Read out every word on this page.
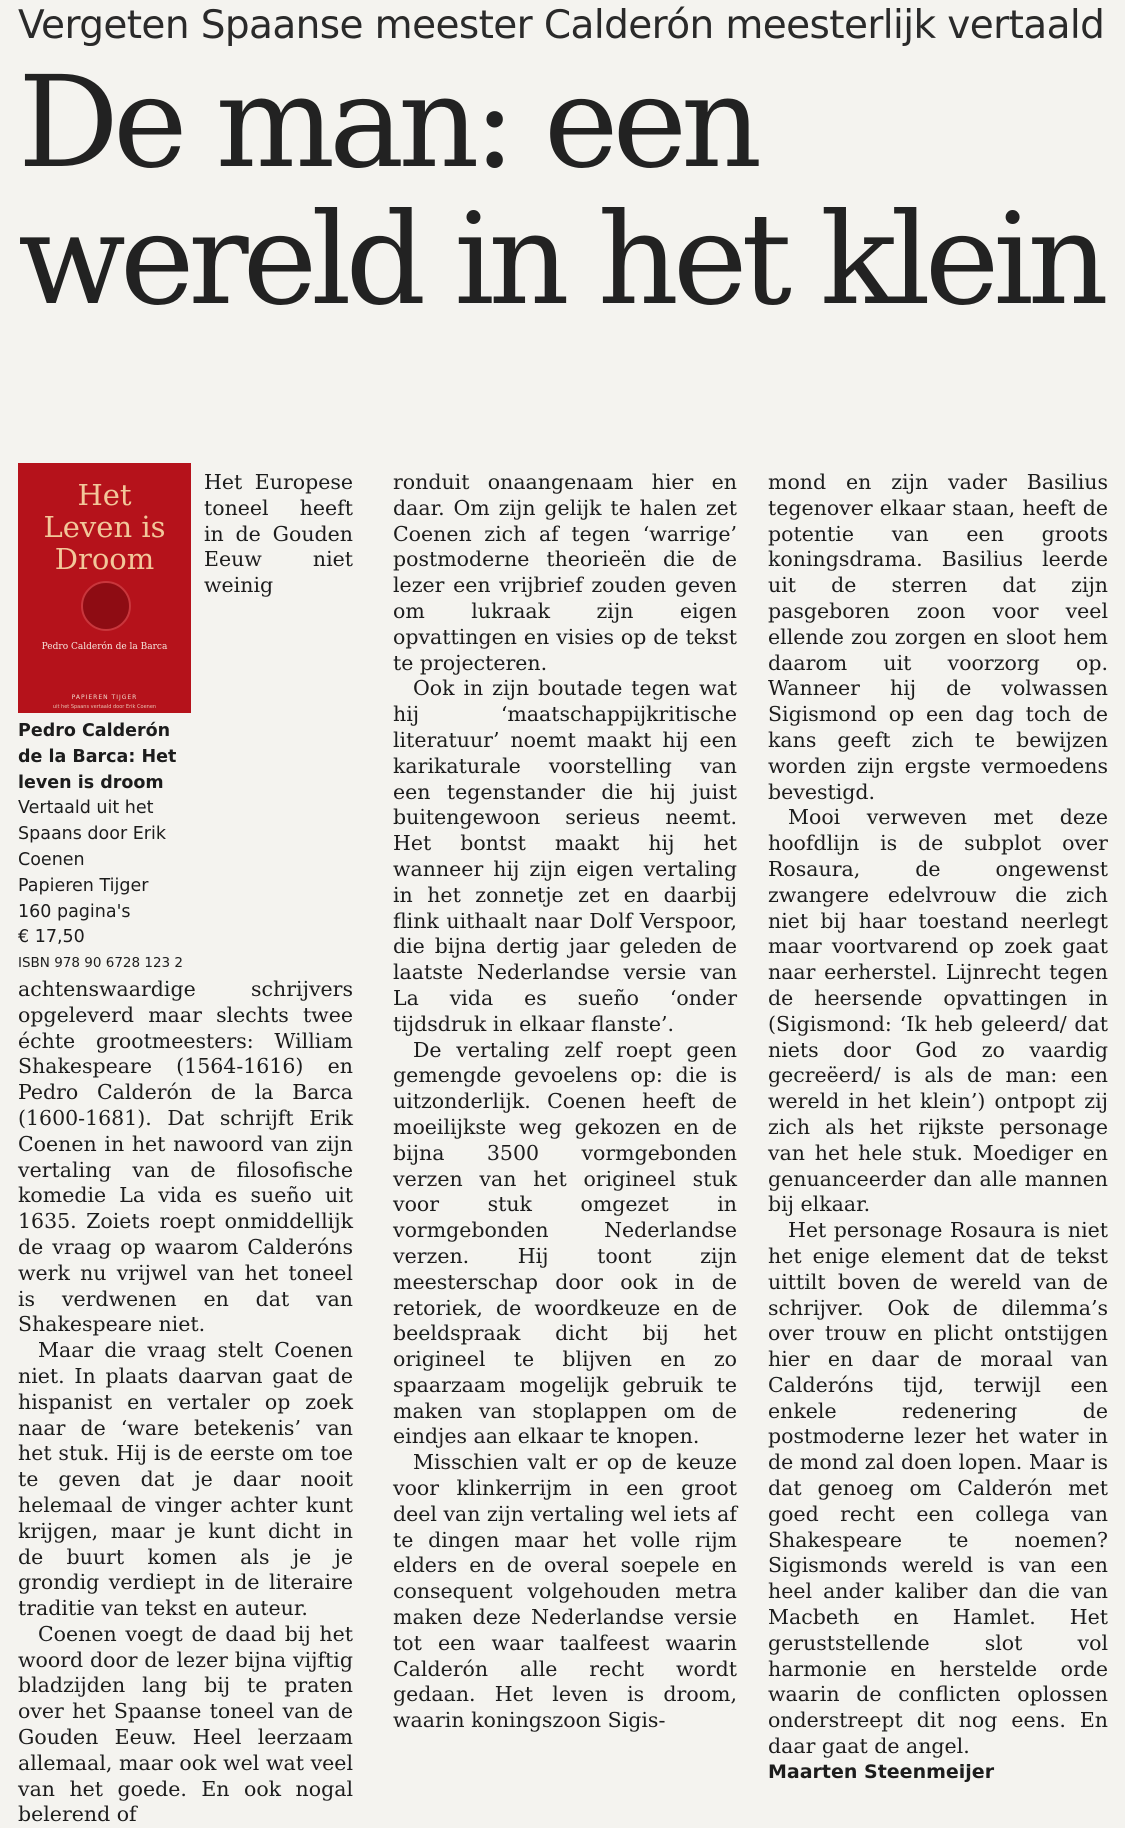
Vergeten Spaanse meester Calderón meesterlijk vertaald
De man: een
wereld in het klein
Het
Leven is
Droom
Pedro Calderón de la Barca
PAPIEREN TIJGER
uit het Spaans vertaald door Erik Coenen
Pedro Calderón
de la Barca: Het
leven is droom
Vertaald uit het
Spaans door Erik
Coenen
Papieren Tijger
160 pagina's
€ 17,50
ISBN 978 90 6728 123 2

Het Europese toneel heeft in de Gouden Eeuw niet weinig achtenswaardige schrijvers opgeleverd maar slechts twee échte grootmeesters: William Shakespeare (1564-1616) en Pedro Calderón de la Barca (1600-1681). Dat schrijft Erik Coenen in het nawoord van zijn vertaling van de filosofische komedie La vida es sueño uit 1635. Zoiets roept onmiddellijk de vraag op waarom Calderóns werk nu vrijwel van het toneel is verdwenen en dat van Shakespeare niet.

Maar die vraag stelt Coenen niet. In plaats daarvan gaat de hispanist en vertaler op zoek naar de ‘ware betekenis’ van het stuk. Hij is de eerste om toe te geven dat je daar nooit helemaal de vinger achter kunt krijgen, maar je kunt dicht in de buurt komen als je je grondig verdiept in de literaire traditie van tekst en auteur.

Coenen voegt de daad bij het woord door de lezer bijna vijftig bladzijden lang bij te praten over het Spaanse toneel van de Gouden Eeuw. Heel leerzaam allemaal, maar ook wel wat veel van het goede. En ook nogal belerend of

ronduit onaangenaam hier en daar. Om zijn gelijk te halen zet Coenen zich af tegen ‘warrige’ postmoderne theorieën die de lezer een vrijbrief zouden geven om lukraak zijn eigen opvattingen en visies op de tekst te projecteren.

Ook in zijn boutade tegen wat hij ‘maatschappijkritische literatuur’ noemt maakt hij een karikaturale voorstelling van een tegenstander die hij juist buitengewoon serieus neemt. Het bontst maakt hij het wanneer hij zijn eigen vertaling in het zonnetje zet en daarbij flink uithaalt naar Dolf Verspoor, die bijna dertig jaar geleden de laatste Nederlandse versie van La vida es sueño ‘onder tijdsdruk in elkaar flanste’.

De vertaling zelf roept geen gemengde gevoelens op: die is uitzonderlijk. Coenen heeft de moeilijkste weg gekozen en de bijna 3500 vormgebonden verzen van het origineel stuk voor stuk omgezet in vormgebonden Nederlandse verzen. Hij toont zijn meesterschap door ook in de retoriek, de woordkeuze en de beeldspraak dicht bij het origineel te blijven en zo spaarzaam mogelijk gebruik te maken van stoplappen om de eindjes aan elkaar te knopen.

Misschien valt er op de keuze voor klinkerrijm in een groot deel van zijn vertaling wel iets af te dingen maar het volle rijm elders en de overal soepele en consequent volgehouden metra maken deze Nederlandse versie tot een waar taalfeest waarin Calderón alle recht wordt gedaan. Het leven is droom, waarin koningszoon Sigis-

mond en zijn vader Basilius tegenover elkaar staan, heeft de potentie van een groots koningsdrama. Basilius leerde uit de sterren dat zijn pasgeboren zoon voor veel ellende zou zorgen en sloot hem daarom uit voorzorg op. Wanneer hij de volwassen Sigismond op een dag toch de kans geeft zich te bewijzen worden zijn ergste vermoedens bevestigd.

Mooi verweven met deze hoofdlijn is de subplot over Rosaura, de ongewenst zwangere edelvrouw die zich niet bij haar toestand neerlegt maar voortvarend op zoek gaat naar eerherstel. Lijnrecht tegen de heersende opvattingen in (Sigismond: ‘Ik heb geleerd/ dat niets door God zo vaardig gecreëerd/ is als de man: een wereld in het klein’) ontpopt zij zich als het rijkste personage van het hele stuk. Moediger en genuanceerder dan alle mannen bij elkaar.

Het personage Rosaura is niet het enige element dat de tekst uittilt boven de wereld van de schrijver. Ook de dilemma’s over trouw en plicht ontstijgen hier en daar de moraal van Calderóns tijd, terwijl een enkele redenering de postmoderne lezer het water in de mond zal doen lopen. Maar is dat genoeg om Calderón met goed recht een collega van Shakespeare te noemen? Sigismonds wereld is van een heel ander kaliber dan die van Macbeth en Hamlet. Het geruststellende slot vol harmonie en herstelde orde waarin de conflicten oplossen onderstreept dit nog eens. En daar gaat de angel.

Maarten Steenmeijer
